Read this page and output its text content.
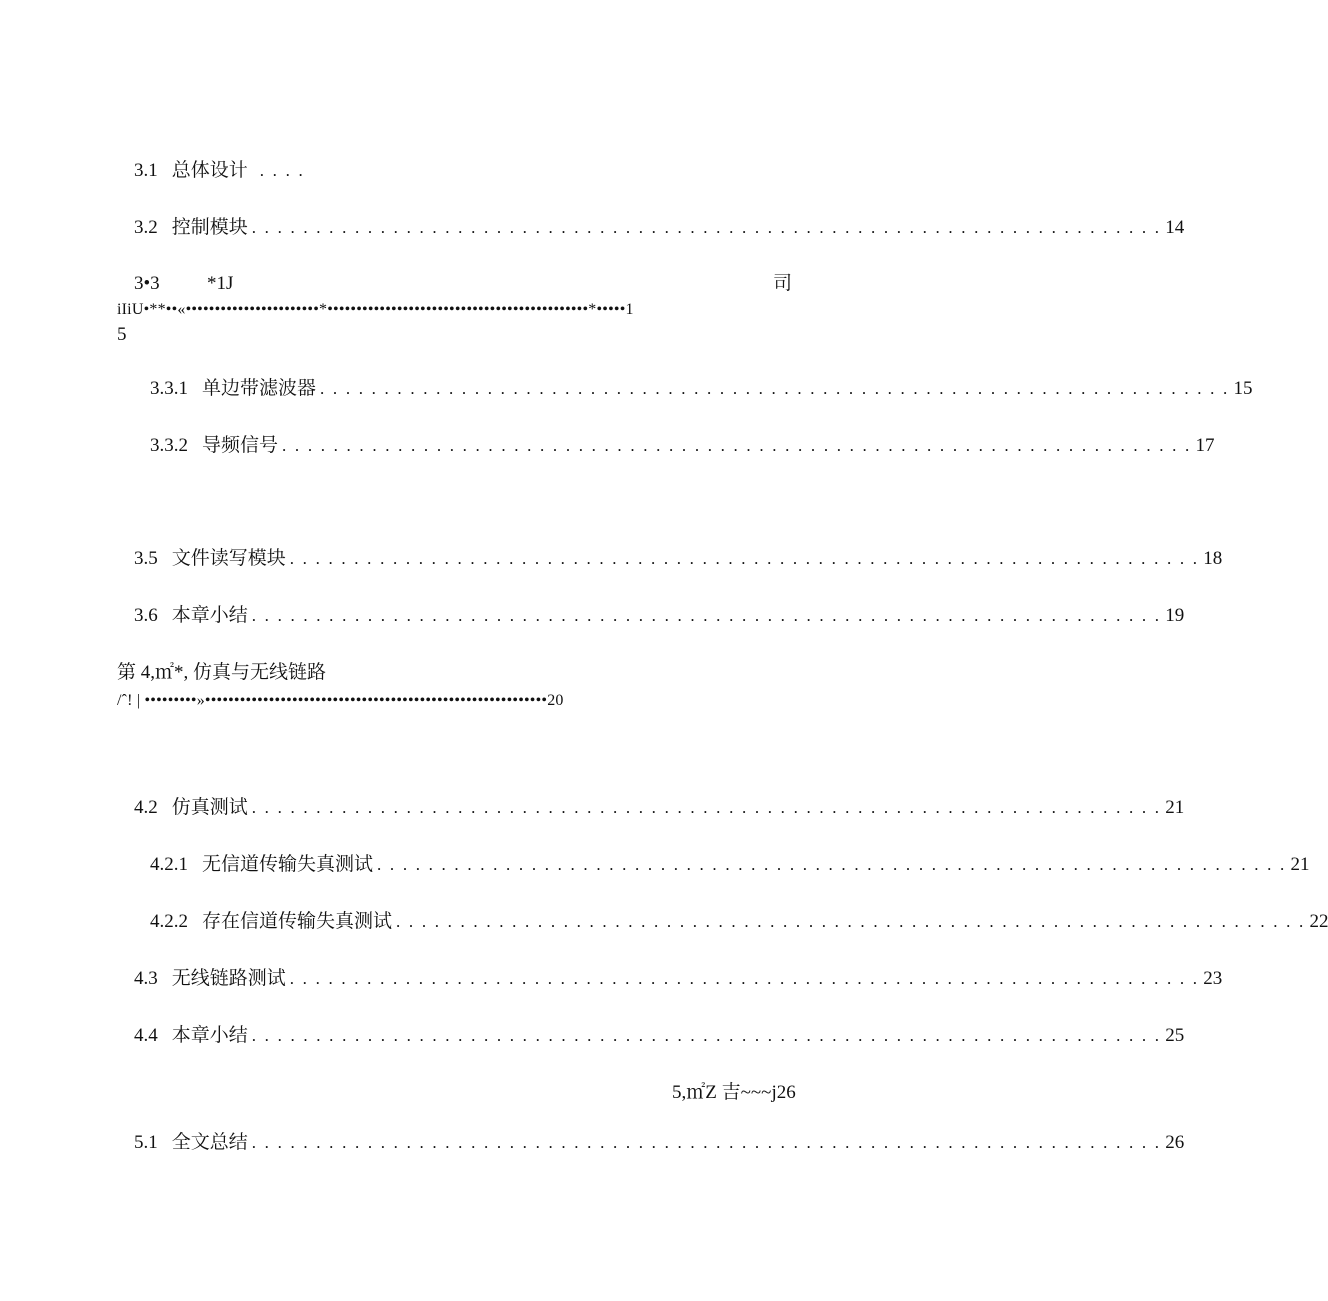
3.1 总体设计 . . . .
3.2 控制模块 . . . . . . . . . . . . . . . . . . . . . . . . . . . . . . . . . . . . . . . . . . . . . . . . . . . . . . . . . . . . . . . . . . . . . . . 14
3•3 *1J	司
iIiU•**••«•••••••••••••••••••••••*•••••••••••••••••••••••••••••••••••••••••••••*•••••1
5
3.3.1 单边带滤波器 . . . . . . . . . . . . . . . . . . . . . . . . . . . . . . . . . . . . . . . . . . . . . . . . . . . . . . . . . . . . . . . . . . . . . . . 15
3.3.2 导频信号 . . . . . . . . . . . . . . . . . . . . . . . . . . . . . . . . . . . . . . . . . . . . . . . . . . . . . . . . . . . . . . . . . . . . . . . 17
3.5 文件读写模块 . . . . . . . . . . . . . . . . . . . . . . . . . . . . . . . . . . . . . . . . . . . . . . . . . . . . . . . . . . . . . . . . . . . . . . . 18
3.6 本章小结 . . . . . . . . . . . . . . . . . . . . . . . . . . . . . . . . . . . . . . . . . . . . . . . . . . . . . . . . . . . . . . . . . . . . . . . 19
第 4,㎡*, 仿真与无线链路
/ˆ! | •••••••••»•••••••••••••••••••••••••••••••••••••••••••••••••••••••••••20
4.2 仿真测试 . . . . . . . . . . . . . . . . . . . . . . . . . . . . . . . . . . . . . . . . . . . . . . . . . . . . . . . . . . . . . . . . . . . . . . . 21
4.2.1 无信道传输失真测试 . . . . . . . . . . . . . . . . . . . . . . . . . . . . . . . . . . . . . . . . . . . . . . . . . . . . . . . . . . . . . . . . . . . . . . . 21
4.2.2 存在信道传输失真测试 . . . . . . . . . . . . . . . . . . . . . . . . . . . . . . . . . . . . . . . . . . . . . . . . . . . . . . . . . . . . . . . . . . . . . . . 22
4.3 无线链路测试 . . . . . . . . . . . . . . . . . . . . . . . . . . . . . . . . . . . . . . . . . . . . . . . . . . . . . . . . . . . . . . . . . . . . . . . 23
4.4 本章小结 . . . . . . . . . . . . . . . . . . . . . . . . . . . . . . . . . . . . . . . . . . . . . . . . . . . . . . . . . . . . . . . . . . . . . . . 25
5,㎡Z 吉~~~j26
5.1 全文总结 . . . . . . . . . . . . . . . . . . . . . . . . . . . . . . . . . . . . . . . . . . . . . . . . . . . . . . . . . . . . . . . . . . . . . . . 26
